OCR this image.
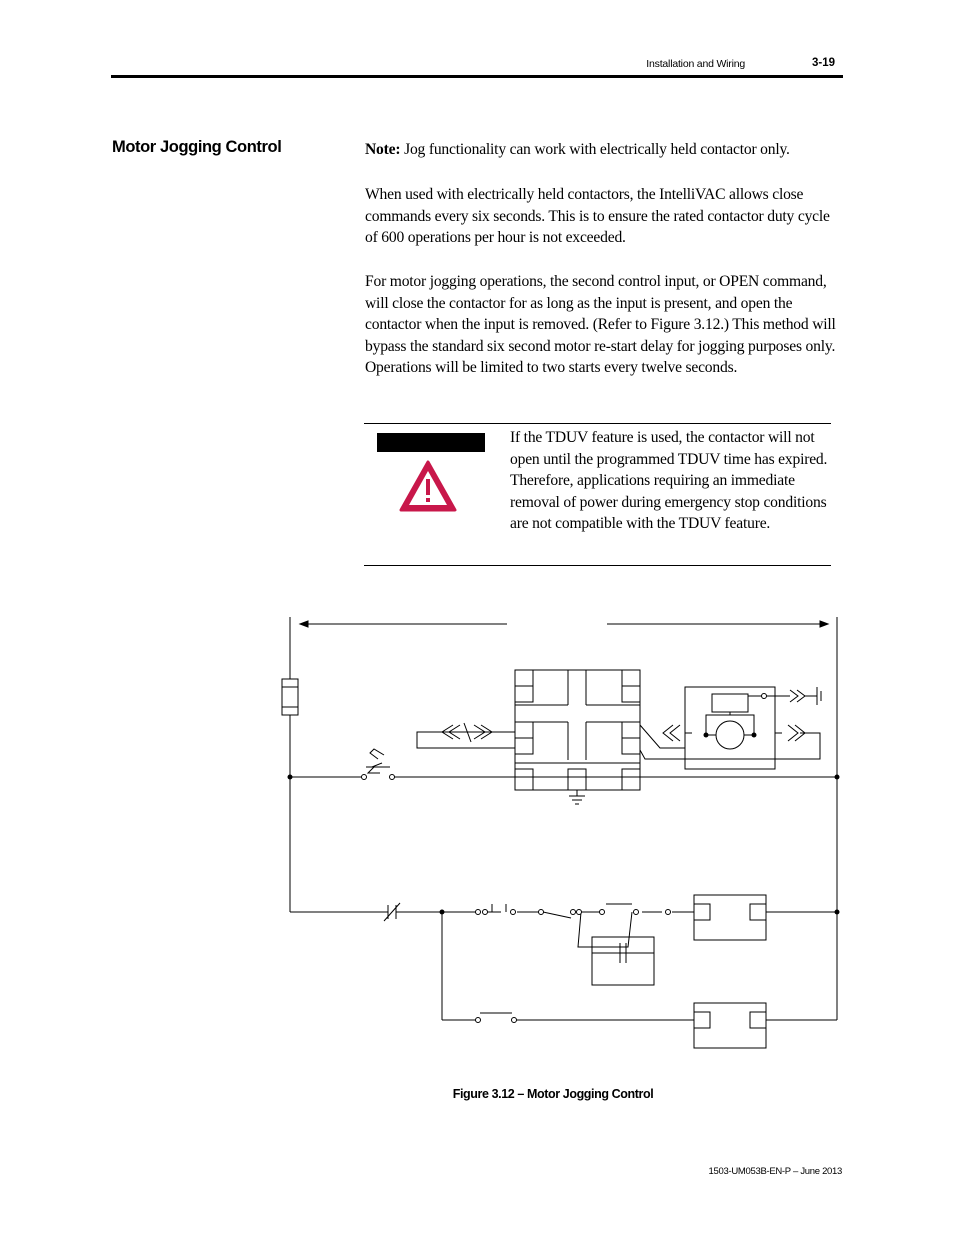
Installation and Wiring	3-19
Motor Jogging Control	Note: Jog functionality can work with electrically held contactor only.
When used with electrically held contactors, the IntelliVAC allows close commands every six seconds. This is to ensure the rated contactor duty cycle of 600 operations per hour is not exceeded.
For motor jogging operations, the second control input, or OPEN command, will close the contactor for as long as the input is present, and open the contactor when the input is removed. (Refer to Figure 3.12.) This method will bypass the standard six second motor re-start delay for jogging purposes only. Operations will be limited to two starts every twelve seconds.
If the TDUV feature is used, the contactor will not open until the programmed TDUV time has expired. Therefore, applications requiring an immediate removal of power during emergency stop conditions are not compatible with the TDUV feature.
Figure 3.12 – Motor Jogging Control
1503-UM053B-EN-P – June 2013
